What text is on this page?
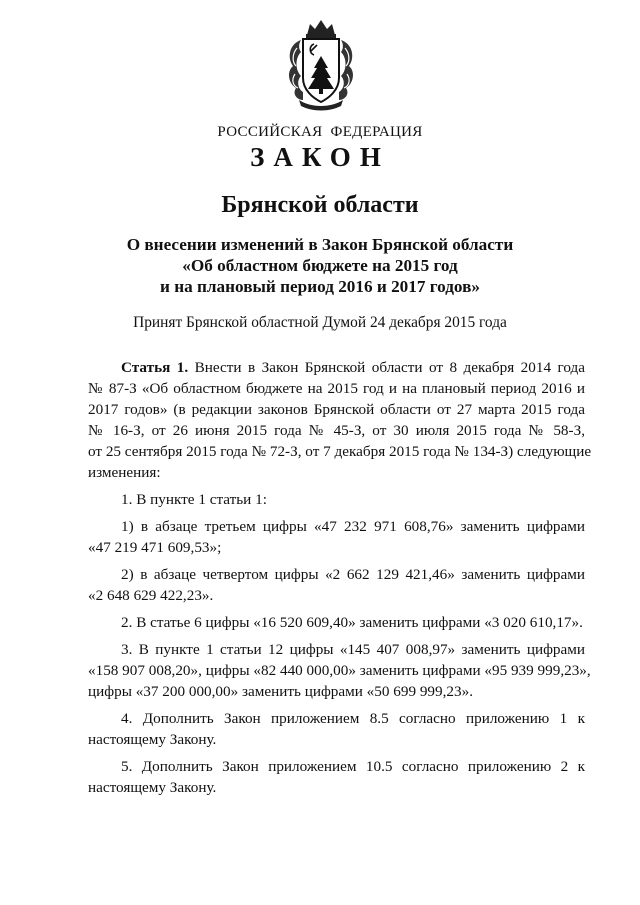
РОССИЙСКАЯ  ФЕДЕРАЦИЯ
ЗАКОН
Брянской области
О внесении изменений в Закон Брянской области
«Об областном бюджете на 2015 год
и на плановый период 2016 и 2017 годов»
Принят Брянской областной Думой 24 декабря 2015 года
Статья 1. Внести в Закон Брянской области от 8 декабря 2014 года
№ 87-З «Об областном бюджете на 2015 год и на плановый период 2016 и
2017 годов» (в редакции законов Брянской области от 27 марта 2015 года
№ 16-З, от 26 июня 2015 года № 45-З, от 30 июля 2015 года № 58-З,
от 25 сентября 2015 года № 72-З, от 7 декабря 2015 года № 134-З) следующие
изменения:
1. В пункте 1 статьи 1:
1) в абзаце третьем цифры «47 232 971 608,76» заменить цифрами
«47 219 471 609,53»;
2) в абзаце четвертом цифры «2 662 129 421,46» заменить цифрами
«2 648 629 422,23».
2. В статье 6 цифры «16 520 609,40» заменить цифрами «3 020 610,17».
3. В пункте 1 статьи 12 цифры «145 407 008,97» заменить цифрами
«158 907 008,20», цифры «82 440 000,00» заменить цифрами «95 939 999,23»,
цифры «37 200 000,00» заменить цифрами «50 699 999,23».
4. Дополнить Закон приложением 8.5 согласно приложению 1 к
настоящему Закону.
5. Дополнить Закон приложением 10.5 согласно приложению 2 к
настоящему Закону.
